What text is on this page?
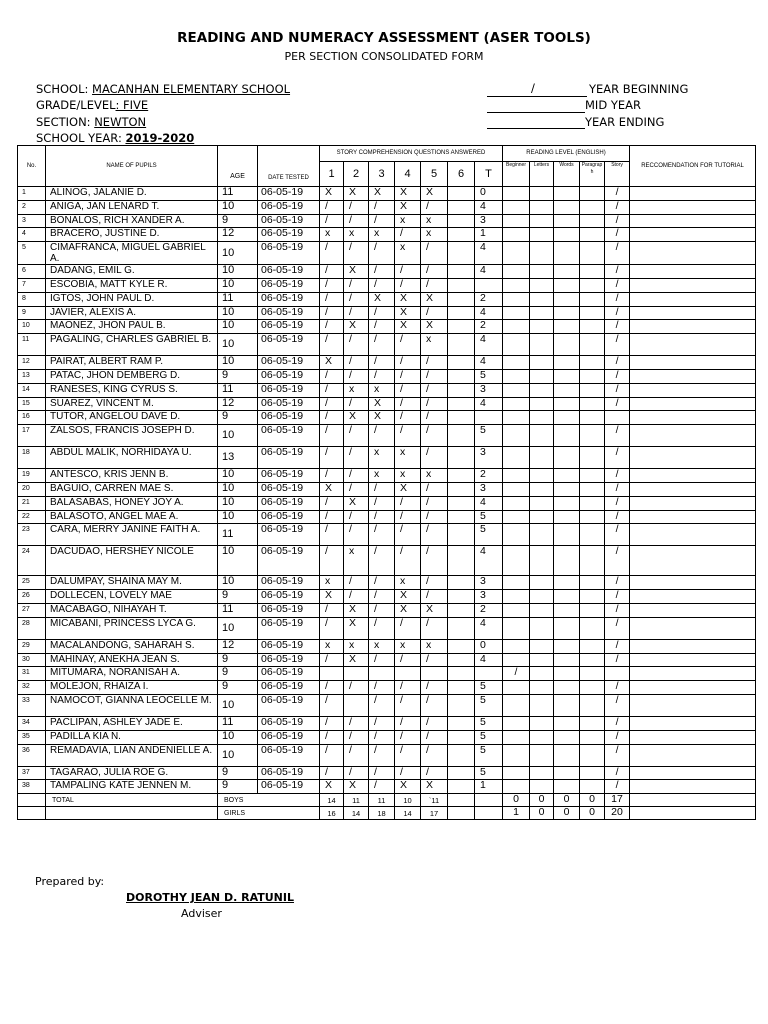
READING AND NUMERACY ASSESSMENT (ASER TOOLS)
PER SECTION CONSOLIDATED FORM
SCHOOL: MACANHAN ELEMENTARY SCHOOL
GRADE/LEVEL: FIVE
SECTION: NEWTON
SCHOOL YEAR: 2019-2020
/	YEAR BEGINNING
MID YEAR
YEAR ENDING
No.	NAME OF PUPILS	AGE	DATE TESTED	STORY COMPREHENSION QUESTIONS ANSWERED							READING LEVEL (ENGLISH)					RECCOMENDATION FOR TUTORIAL
				1	2	3	4	5	6	T	Beginner	Letters	Words	Paragraph	Story	
1	ALINOG, JALANIE D.	11	06-05-19	X	X	X	X	X		0					/	
2	ANIGA, JAN LENARD T.	10	06-05-19	/	/	/	X	/		4					/	
3	BONALOS, RICH XANDER A.	9	06-05-19	/	/	/	x	x		3					/	
4	BRACERO, JUSTINE D.	12	06-05-19	x	x	x	/	x		1					/	
5	CIMAFRANCA, MIGUEL GABRIEL A.	10	06-05-19	/	/	/	x	/		4					/	
6	DADANG, EMIL G.	10	06-05-19	/	X	/	/	/		4					/	
7	ESCOBIA, MATT KYLE R.	10	06-05-19	/	/	/	/	/							/	
8	IGTOS, JOHN PAUL D.	11	06-05-19	/	/	X	X	X		2					/	
9	JAVIER, ALEXIS A.	10	06-05-19	/	/	/	X	/		4					/	
10	MAONEZ, JHON PAUL B.	10	06-05-19	/	X	/	X	X		2					/	
11	PAGALING, CHARLES GABRIEL B.	10	06-05-19	/	/	/	/	x		4					/	
12	PAIRAT, ALBERT RAM P.	10	06-05-19	X	/	/	/	/		4					/	
13	PATAC, JHON DEMBERG D.	9	06-05-19	/	/	/	/	/		5					/	
14	RANESES, KING CYRUS S.	11	06-05-19	/	x	x	/	/		3					/	
15	SUAREZ, VINCENT M.	12	06-05-19	/	/	X	/	/		4					/	
16	TUTOR, ANGELOU DAVE D.	9	06-05-19	/	X	X	/	/								
17	ZALSOS, FRANCIS JOSEPH D.	10	06-05-19	/	/	/	/	/		5					/	
18	ABDUL MALIK, NORHIDAYA U.	13	06-05-19	/	/	x	x	/		3					/	
19	ANTESCO, KRIS JENN B.	10	06-05-19	/	/	x	x	x		2					/	
20	BAGUIO, CARREN MAE S.	10	06-05-19	X	/	/	X	/		3					/	
21	BALASABAS, HONEY JOY A.	10	06-05-19	/	X	/	/	/		4					/	
22	BALASOTO, ANGEL MAE A.	10	06-05-19	/	/	/	/	/		5					/	
23	CARA, MERRY JANINE FAITH A.	11	06-05-19	/	/	/	/	/		5					/	
24	DACUDAO, HERSHEY NICOLE	10	06-05-19	/	x	/	/	/		4					/	
25	DALUMPAY, SHAINA MAY M.	10	06-05-19	x	/	/	x	/		3					/	
26	DOLLECEN, LOVELY MAE	9	06-05-19	X	/	/	X	/		3					/	
27	MACABAGO, NIHAYAH T.	11	06-05-19	/	X	/	X	X		2					/	
28	MICABANI, PRINCESS LYCA G.	10	06-05-19	/	X	/	/	/		4					/	
29	MACALANDONG, SAHARAH S.	12	06-05-19	x	x	x	x	x		0					/	
30	MAHINAY, ANEKHA JEAN S.	9	06-05-19	/	X	/	/	/		4					/	
31	MITUMARA, NORANISAH A.	9	06-05-19								/					
32	MOLEJON, RHAIZA I.	9	06-05-19	/	/	/	/	/		5					/	
33	NAMOCOT, GIANNA LEOCELLE M.	10	06-05-19	/		/	/	/		5					/	
34	PACLIPAN, ASHLEY JADE E.	11	06-05-19	/	/	/	/	/		5					/	
35	PADILLA KIA N.	10	06-05-19	/	/	/	/	/		5					/	
36	REMADAVIA, LIAN ANDENIELLE A.	10	06-05-19	/	/	/	/	/		5					/	
37	TAGARAO, JULIA ROE G.	9	06-05-19	/	/	/	/	/		5					/	
38	TAMPALING KATE JENNEN M.	9	06-05-19	X	X	/	X	X		1					/	
	TOTAL	BOYS		14	11	11	10	`11			0	0	0	0	17	
		GIRLS		16	14	18	14	17			1	0	0	0	20	
Prepared by:
DOROTHY JEAN D. RATUNIL
Adviser
